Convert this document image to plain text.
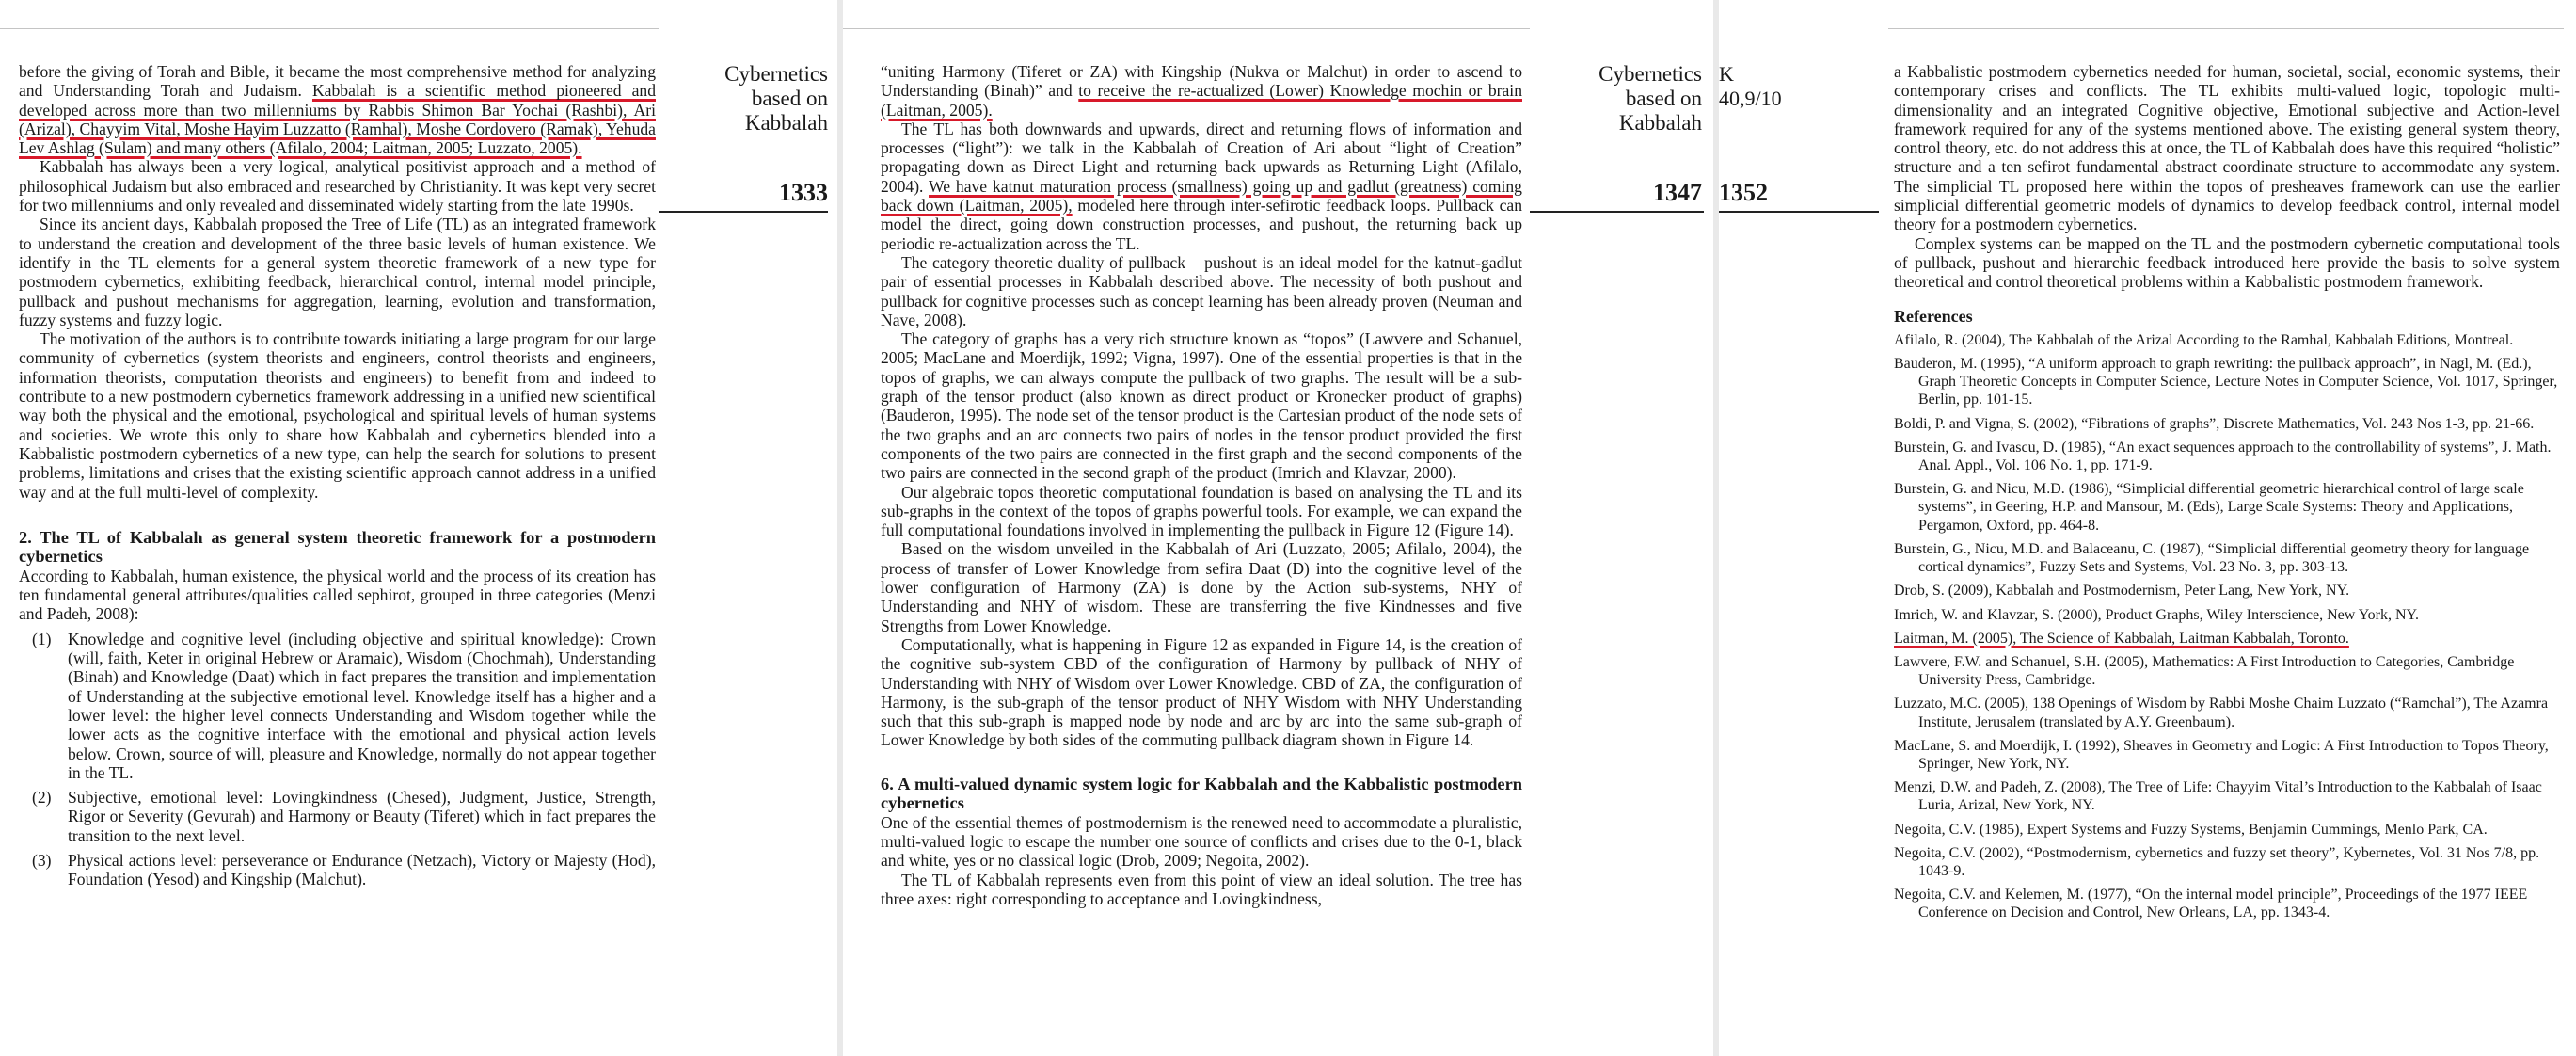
before the giving of Torah and Bible, it became the most comprehensive method for analyzing and Understanding Torah and Judaism. Kabbalah is a scientific method pioneered and developed across more than two millenniums by Rabbis Shimon Bar Yochai (Rashbi), Ari (Arizal), Chayyim Vital, Moshe Hayim Luzzatto (Ramhal), Moshe Cordovero (Ramak), Yehuda Lev Ashlag (Sulam) and many others (Afilalo, 2004; Laitman, 2005; Luzzato, 2005).

Kabbalah has always been a very logical, analytical positivist approach and a method of philosophical Judaism but also embraced and researched by Christianity. It was kept very secret for two millenniums and only revealed and disseminated widely starting from the late 1990s.

Since its ancient days, Kabbalah proposed the Tree of Life (TL) as an integrated framework to understand the creation and development of the three basic levels of human existence. We identify in the TL elements for a general system theoretic framework of a new type for postmodern cybernetics, exhibiting feedback, hierarchical control, internal model principle, pullback and pushout mechanisms for aggregation, learning, evolution and transformation, fuzzy systems and fuzzy logic.

The motivation of the authors is to contribute towards initiating a large program for our large community of cybernetics (system theorists and engineers, control theorists and engineers, information theorists, computation theorists and engineers) to benefit from and indeed to contribute to a new postmodern cybernetics framework addressing in a unified new scientifical way both the physical and the emotional, psychological and spiritual levels of human systems and societies. We wrote this only to share how Kabbalah and cybernetics blended into a Kabbalistic postmodern cybernetics of a new type, can help the search for solutions to present problems, limitations and crises that the existing scientific approach cannot address in a unified way and at the full multi-level of complexity.

2. The TL of Kabbalah as general system theoretic framework for a postmodern cybernetics

According to Kabbalah, human existence, the physical world and the process of its creation has ten fundamental general attributes/qualities called sephirot, grouped in three categories (Menzi and Padeh, 2008):

(1) Knowledge and cognitive level (including objective and spiritual knowledge): Crown (will, faith, Keter in original Hebrew or Aramaic), Wisdom (Chochmah), Understanding (Binah) and Knowledge (Daat) which in fact prepares the transition and implementation of Understanding at the subjective emotional level. Knowledge itself has a higher and a lower level: the higher level connects Understanding and Wisdom together while the lower acts as the cognitive interface with the emotional and physical action levels below. Crown, source of will, pleasure and Knowledge, normally do not appear together in the TL.
(2) Subjective, emotional level: Lovingkindness (Chesed), Judgment, Justice, Strength, Rigor or Severity (Gevurah) and Harmony or Beauty (Tiferet) which in fact prepares the transition to the next level.
(3) Physical actions level: perseverance or Endurance (Netzach), Victory or Majesty (Hod), Foundation (Yesod) and Kingship (Malchut).
Cybernetics
based on
Kabbalah
1333

“uniting Harmony (Tiferet or ZA) with Kingship (Nukva or Malchut) in order to ascend to Understanding (Binah)” and to receive the re-actualized (Lower) Knowledge mochin or brain (Laitman, 2005).

The TL has both downwards and upwards, direct and returning flows of information and processes (“light”): we talk in the Kabbalah of Creation of Ari about “light of Creation” propagating down as Direct Light and returning back upwards as Returning Light (Afilalo, 2004). We have katnut maturation process (smallness) going up and gadlut (greatness) coming back down (Laitman, 2005), modeled here through inter-sefirotic feedback loops. Pullback can model the direct, going down construction processes, and pushout, the returning back up periodic re-actualization across the TL.

The category theoretic duality of pullback – pushout is an ideal model for the katnut-gadlut pair of essential processes in Kabbalah described above. The necessity of both pushout and pullback for cognitive processes such as concept learning has been already proven (Neuman and Nave, 2008).

The category of graphs has a very rich structure known as “topos” (Lawvere and Schanuel, 2005; MacLane and Moerdijk, 1992; Vigna, 1997). One of the essential properties is that in the topos of graphs, we can always compute the pullback of two graphs. The result will be a sub-graph of the tensor product (also known as direct product or Kronecker product of graphs) (Bauderon, 1995). The node set of the tensor product is the Cartesian product of the node sets of the two graphs and an arc connects two pairs of nodes in the tensor product provided the first components of the two pairs are connected in the first graph and the second components of the two pairs are connected in the second graph of the product (Imrich and Klavzar, 2000).

Our algebraic topos theoretic computational foundation is based on analysing the TL and its sub-graphs in the context of the topos of graphs powerful tools. For example, we can expand the full computational foundations involved in implementing the pullback in Figure 12 (Figure 14).

Based on the wisdom unveiled in the Kabbalah of Ari (Luzzato, 2005; Afilalo, 2004), the process of transfer of Lower Knowledge from sefira Daat (D) into the cognitive level of the lower configuration of Harmony (ZA) is done by the Action sub-systems, NHY of Understanding and NHY of wisdom. These are transferring the five Kindnesses and five Strengths from Lower Knowledge.

Computationally, what is happening in Figure 12 as expanded in Figure 14, is the creation of the cognitive sub-system CBD of the configuration of Harmony by pullback of NHY of Understanding with NHY of Wisdom over Lower Knowledge. CBD of ZA, the configuration of Harmony, is the sub-graph of the tensor product of NHY Wisdom with NHY Understanding such that this sub-graph is mapped node by node and arc by arc into the same sub-graph of Lower Knowledge by both sides of the commuting pullback diagram shown in Figure 14.

6. A multi-valued dynamic system logic for Kabbalah and the Kabbalistic postmodern cybernetics

One of the essential themes of postmodernism is the renewed need to accommodate a pluralistic, multi-valued logic to escape the number one source of conflicts and crises due to the 0-1, black and white, yes or no classical logic (Drob, 2009; Negoita, 2002).

The TL of Kabbalah represents even from this point of view an ideal solution. The tree has three axes: right corresponding to acceptance and Lovingkindness,

Cybernetics
based on
Kabbalah
1347
K
40,9/10
1352

a Kabbalistic postmodern cybernetics needed for human, societal, social, economic systems, their contemporary crises and conflicts. The TL exhibits multi-valued logic, topologic multi-dimensionality and an integrated Cognitive objective, Emotional subjective and Action-level framework required for any of the systems mentioned above. The existing general system theory, control theory, etc. do not address this at once, the TL of Kabbalah does have this required “holistic” structure and a ten sefirot fundamental abstract coordinate structure to accommodate any system. The simplicial TL proposed here within the topos of presheaves framework can use the earlier simplicial differential geometric models of dynamics to develop feedback control, internal model theory for a postmodern cybernetics.

Complex systems can be mapped on the TL and the postmodern cybernetic computational tools of pullback, pushout and hierarchic feedback introduced here provide the basis to solve system theoretical and control theoretical problems within a Kabbalistic postmodern framework.

References
Afilalo, R. (2004), The Kabbalah of the Arizal According to the Ramhal, Kabbalah Editions, Montreal.
Bauderon, M. (1995), “A uniform approach to graph rewriting: the pullback approach”, in Nagl, M. (Ed.), Graph Theoretic Concepts in Computer Science, Lecture Notes in Computer Science, Vol. 1017, Springer, Berlin, pp. 101-15.
Boldi, P. and Vigna, S. (2002), “Fibrations of graphs”, Discrete Mathematics, Vol. 243 Nos 1-3, pp. 21-66.
Burstein, G. and Ivascu, D. (1985), “An exact sequences approach to the controllability of systems”, J. Math. Anal. Appl., Vol. 106 No. 1, pp. 171-9.
Burstein, G. and Nicu, M.D. (1986), “Simplicial differential geometric hierarchical control of large scale systems”, in Geering, H.P. and Mansour, M. (Eds), Large Scale Systems: Theory and Applications, Pergamon, Oxford, pp. 464-8.
Burstein, G., Nicu, M.D. and Balaceanu, C. (1987), “Simplicial differential geometry theory for language cortical dynamics”, Fuzzy Sets and Systems, Vol. 23 No. 3, pp. 303-13.
Drob, S. (2009), Kabbalah and Postmodernism, Peter Lang, New York, NY.
Imrich, W. and Klavzar, S. (2000), Product Graphs, Wiley Interscience, New York, NY.
Laitman, M. (2005), The Science of Kabbalah, Laitman Kabbalah, Toronto.
Lawvere, F.W. and Schanuel, S.H. (2005), Mathematics: A First Introduction to Categories, Cambridge University Press, Cambridge.
Luzzato, M.C. (2005), 138 Openings of Wisdom by Rabbi Moshe Chaim Luzzato (“Ramchal”), The Azamra Institute, Jerusalem (translated by A.Y. Greenbaum).
MacLane, S. and Moerdijk, I. (1992), Sheaves in Geometry and Logic: A First Introduction to Topos Theory, Springer, New York, NY.
Menzi, D.W. and Padeh, Z. (2008), The Tree of Life: Chayyim Vital’s Introduction to the Kabbalah of Isaac Luria, Arizal, New York, NY.
Negoita, C.V. (1985), Expert Systems and Fuzzy Systems, Benjamin Cummings, Menlo Park, CA.
Negoita, C.V. (2002), “Postmodernism, cybernetics and fuzzy set theory”, Kybernetes, Vol. 31 Nos 7/8, pp. 1043-9.
Negoita, C.V. and Kelemen, M. (1977), “On the internal model principle”, Proceedings of the 1977 IEEE Conference on Decision and Control, New Orleans, LA, pp. 1343-4.
